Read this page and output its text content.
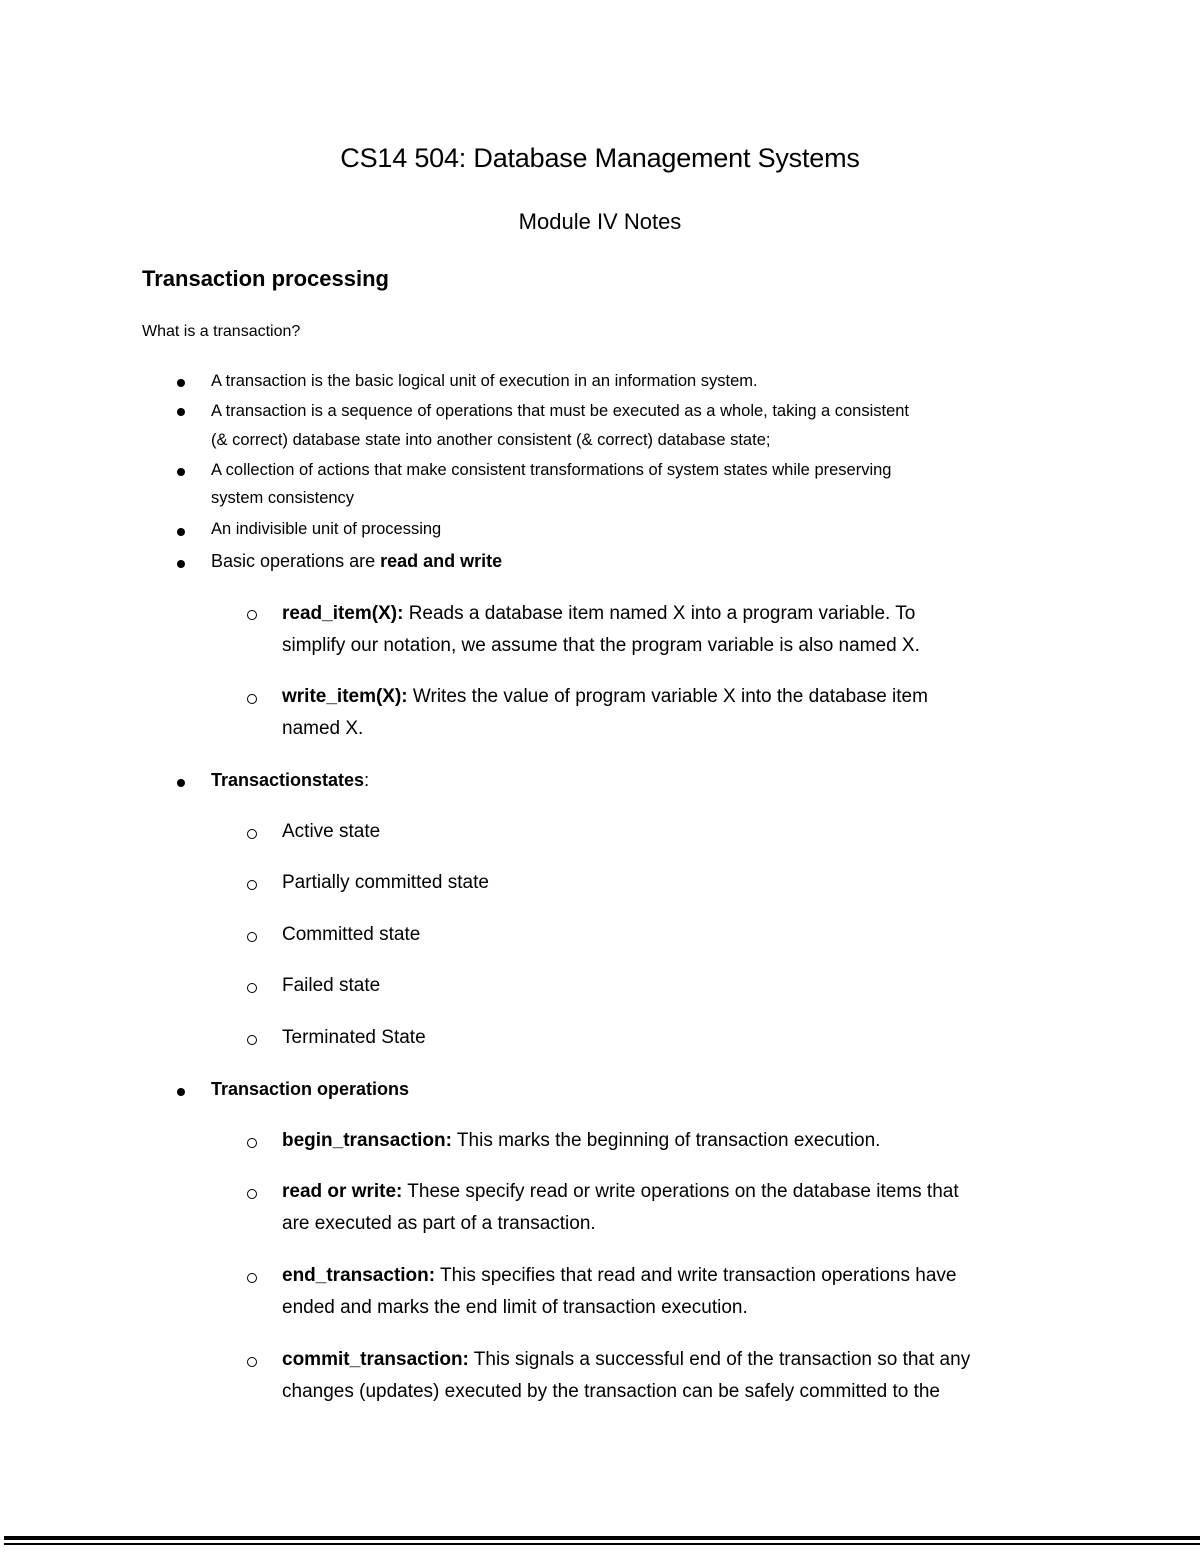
CS14 504: Database Management Systems
Module IV Notes
Transaction processing
What is a transaction?
A transaction is the basic logical unit of execution in an information system.
A transaction is a sequence of operations that must be executed as a whole, taking a consistent
(& correct) database state into another consistent (& correct) database state;
A collection of actions that make consistent transformations of system states while preserving
system consistency
An indivisible unit of processing
Basic operations are read and write
read_item(X): Reads a database item named X into a program variable. To
simplify our notation, we assume that the program variable is also named X.
write_item(X): Writes the value of program variable X into the database item
named X.
Transactionstates:
Active state
Partially committed state
Committed state
Failed state
Terminated State
Transaction operations
begin_transaction: This marks the beginning of transaction execution.
read or write: These specify read or write operations on the database items that
are executed as part of a transaction.
end_transaction: This specifies that read and write transaction operations have
ended and marks the end limit of transaction execution.
commit_transaction: This signals a successful end of the transaction so that any
changes (updates) executed by the transaction can be safely committed to the
